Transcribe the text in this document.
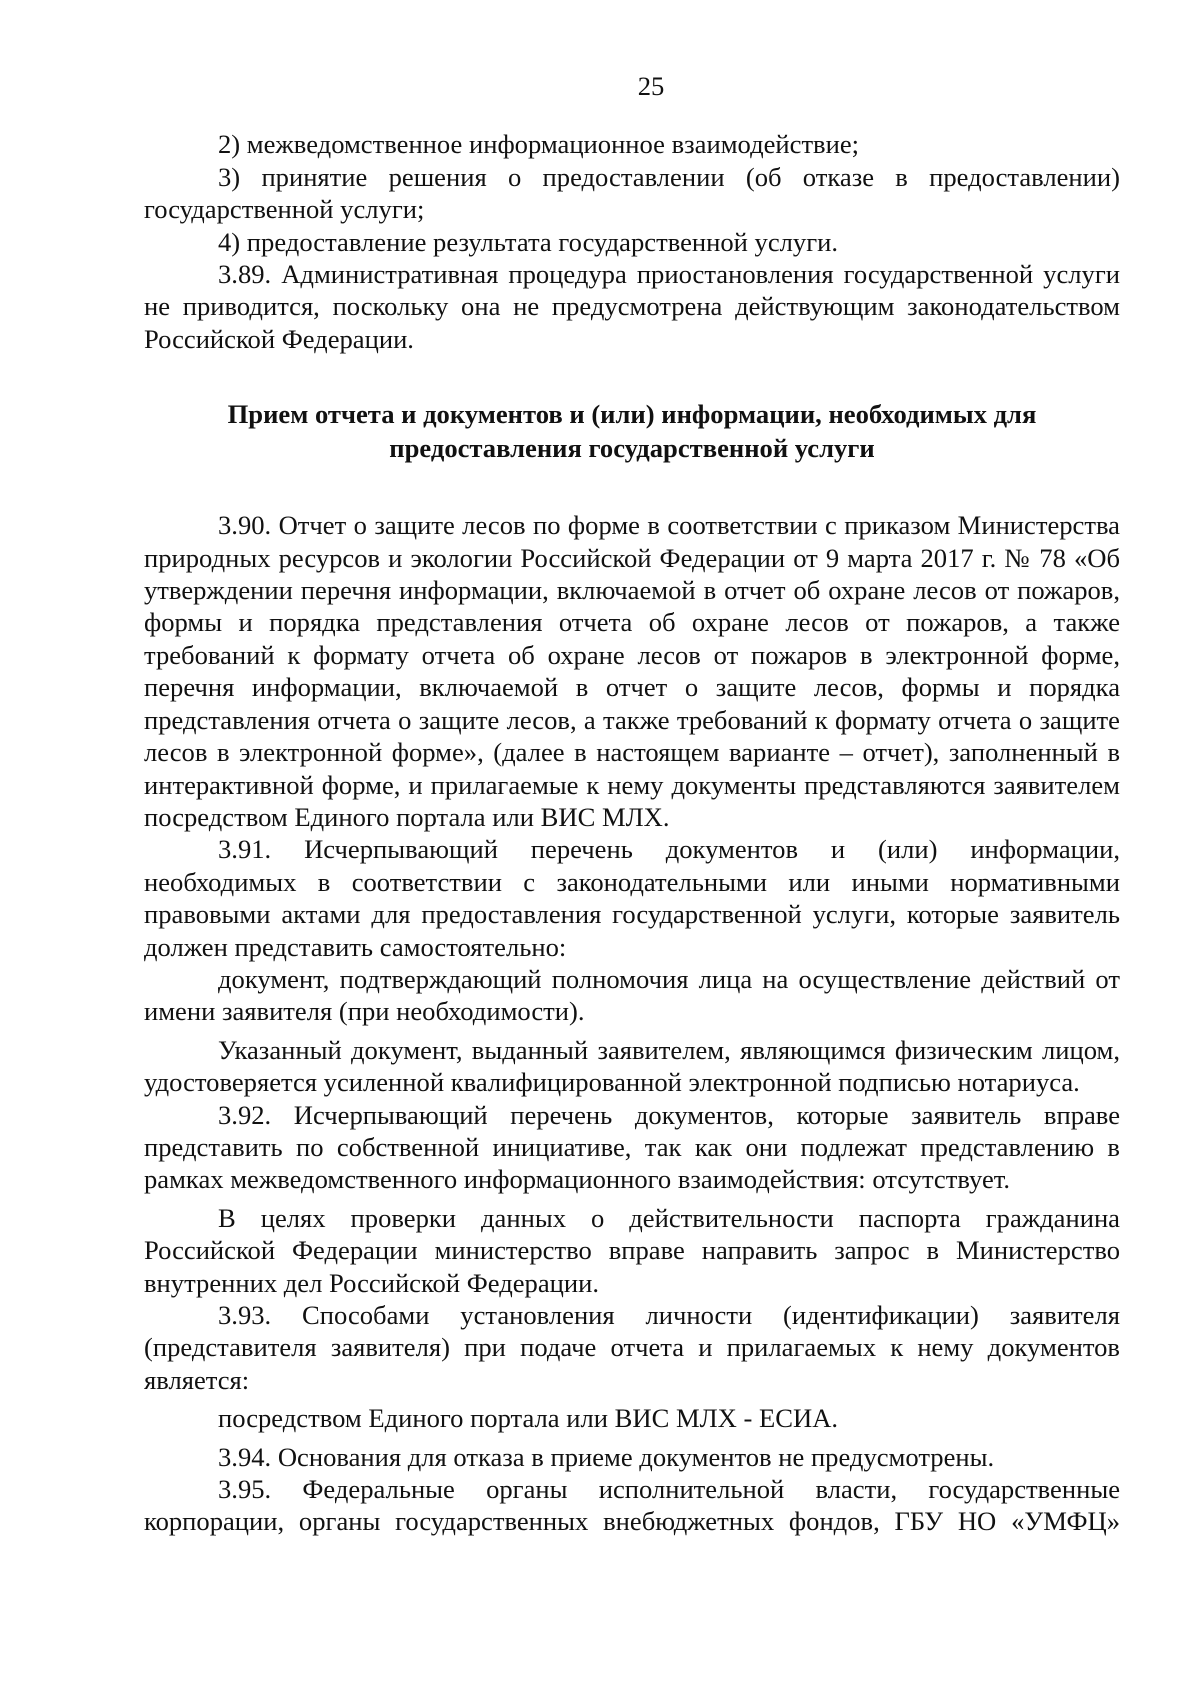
25

2) межведомственное информационное взаимодействие;

3) принятие решения о предоставлении (об отказе в предоставлении) государственной услуги;

4) предоставление результата государственной услуги.

3.89. Административная процедура приостановления государственной услуги не приводится, поскольку она не предусмотрена действующим законодательством Российской Федерации.

Прием отчета и документов и (или) информации, необходимых для
предоставления государственной услуги

3.90. Отчет о защите лесов по форме в соответствии с приказом Министерства природных ресурсов и экологии Российской Федерации от 9 марта 2017 г. № 78 «Об утверждении перечня информации, включаемой в отчет об охране лесов от пожаров, формы и порядка представления отчета об охране лесов от пожаров, а также требований к формату отчета об охране лесов от пожаров в электронной форме, перечня информации, включаемой в отчет о защите лесов, формы и порядка представления отчета о защите лесов, а также требований к формату отчета о защите лесов в электронной форме», (далее в настоящем варианте – отчет), заполненный в интерактивной форме, и прилагаемые к нему документы представляются заявителем посредством Единого портала или ВИС МЛХ.

3.91. Исчерпывающий перечень документов и (или) информации, необходимых в соответствии с законодательными или иными нормативными правовыми актами для предоставления государственной услуги, которые заявитель должен представить самостоятельно:

документ, подтверждающий полномочия лица на осуществление действий от имени заявителя (при необходимости).

Указанный документ, выданный заявителем, являющимся физическим лицом, удостоверяется усиленной квалифицированной электронной подписью нотариуса.

3.92. Исчерпывающий перечень документов, которые заявитель вправе представить по собственной инициативе, так как они подлежат представлению в рамках межведомственного информационного взаимодействия: отсутствует.

В целях проверки данных о действительности паспорта гражданина Российской Федерации министерство вправе направить запрос в Министерство внутренних дел Российской Федерации.

3.93. Способами установления личности (идентификации) заявителя (представителя заявителя) при подаче отчета и прилагаемых к нему документов является:

посредством Единого портала или ВИС МЛХ - ЕСИА.

3.94. Основания для отказа в приеме документов не предусмотрены.

3.95. Федеральные органы исполнительной власти, государственные корпорации, органы государственных внебюджетных фондов, ГБУ НО «УМФЦ»
